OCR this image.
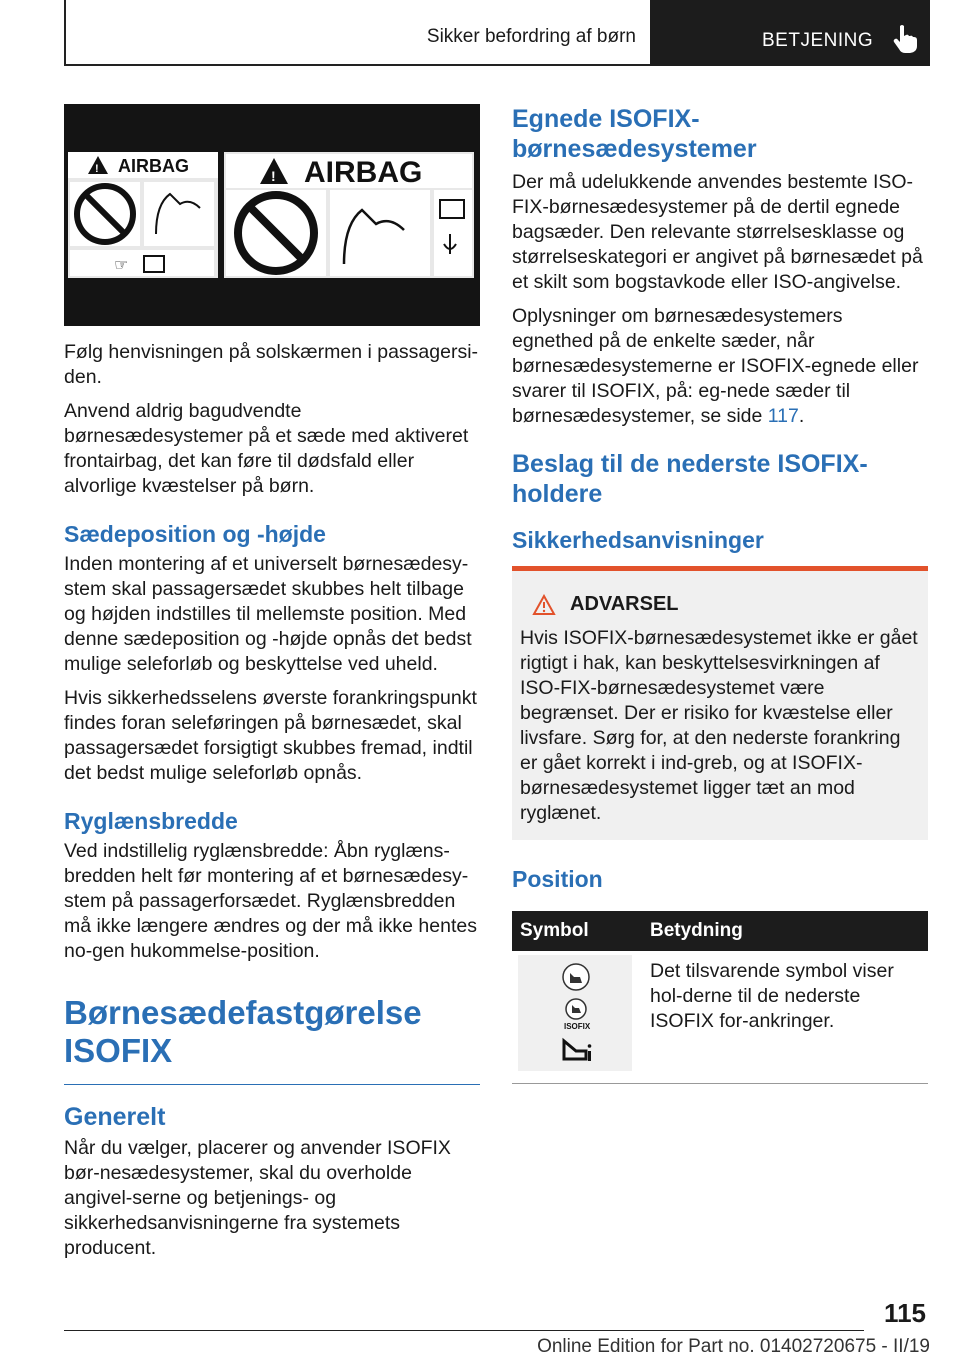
Sikker befordring af børn	BETJENING
! AIRBAG
☞
! AIRBAG

Følg henvisningen på solskærmen i passagersi-den.

Anvend aldrig bagudvendte børnesædesystemer på et sæde med aktiveret frontairbag, det kan føre til dødsfald eller alvorlige kvæstelser på børn.

Sædeposition og ‑højde

Inden montering af et universelt børnesædesy-stem skal passagersædet skubbes helt tilbage og højden indstilles til mellemste position. Med denne sædeposition og ‑højde opnås det bedst mulige seleforløb og beskyttelse ved uheld.

Hvis sikkerhedsselens øverste forankringspunkt findes foran seleføringen på børnesædet, skal passagersædet forsigtigt skubbes fremad, indtil det bedst mulige seleforløb opnås.

Ryglænsbredde

Ved indstillelig ryglænsbredde: Åbn ryglæns-bredden helt før montering af et børnesædesy-stem på passagerforsædet. Ryglænsbredden må ikke længere ændres og der må ikke hentes no-gen hukommelse-position.

Børnesædefastgørelse
ISOFIX
Generelt

Når du vælger, placerer og anvender ISOFIX bør-nesædesystemer, skal du overholde angivel-serne og betjenings- og sikkerhedsanvisningerne fra systemets producent.

Egnede ISOFIX-
børnesædesystemer

Der må udelukkende anvendes bestemte ISO-FIX-børnesædesystemer på de dertil egnede bagsæder. Den relevante størrelsesklasse og størrelseskategori er angivet på børnesædet på et skilt som bogstavkode eller ISO-angivelse.

Oplysninger om børnesædesystemers egnethed på de enkelte sæder, når børnesædesystemerne er ISOFIX-egnede eller svarer til ISOFIX, på: eg-nede sæder til børnesædesystemer, se side 117.

Beslag til de nederste ISOFIX-
holdere
Sikkerhedsanvisninger
ADVARSEL

Hvis ISOFIX-børnesædesystemet ikke er gået rigtigt i hak, kan beskyttelsesvirkningen af ISO-FIX-børnesædesystemet være begrænset. Der er risiko for kvæstelse eller livsfare. Sørg for, at den nederste forankring er gået korrekt i ind-greb, og at ISOFIX-børnesædesystemet ligger tæt an mod ryglænet.

Position
Symbol	Betydning

ISOFIX	Det tilsvarende symbol viser hol-derne til de nederste ISOFIX for-ankringer.
115
Online Edition for Part no. 01402720675 - II/19
